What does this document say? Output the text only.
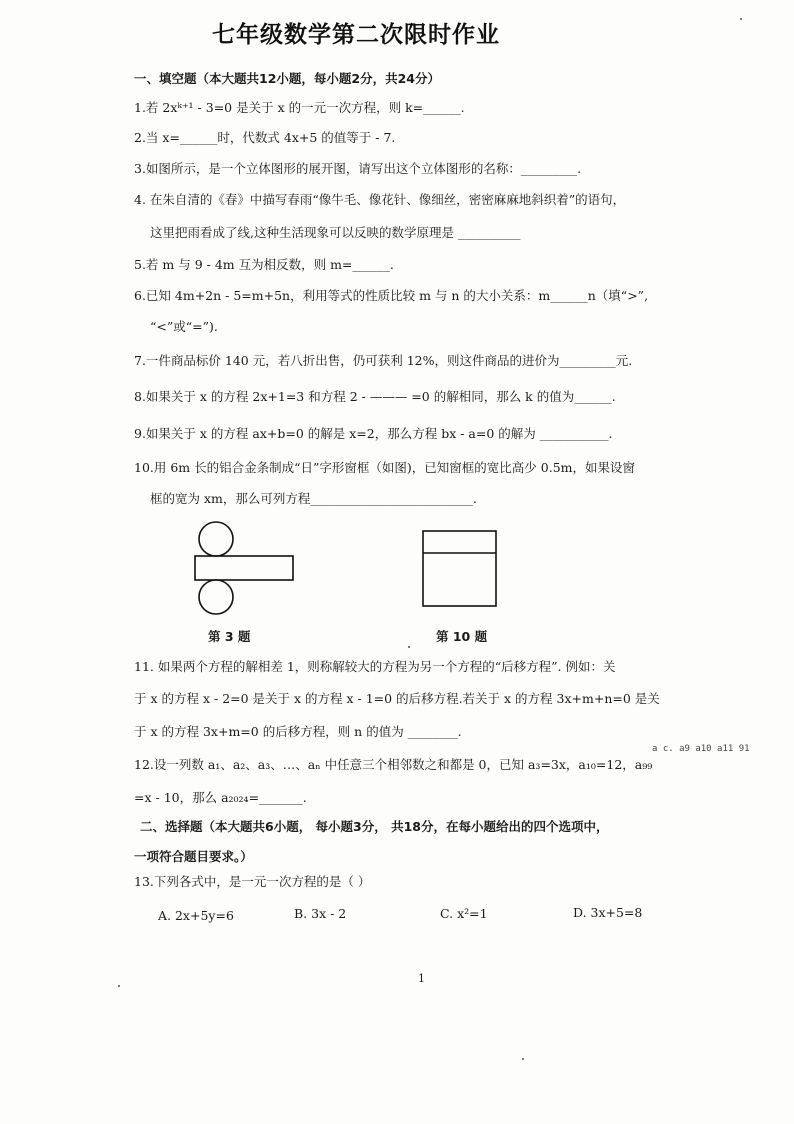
七年级数学第二次限时作业
一、填空题（本大题共12小题，每小题2分，共24分）
1.若 2xᵏ⁺¹ - 3=0 是关于 x 的一元一次方程，则 k=______.
2.当 x=______时，代数式 4x+5 的值等于 - 7.
3.如图所示，是一个立体图形的展开图，请写出这个立体图形的名称：_________.
4. 在朱自清的《春》中描写春雨“像牛毛、像花针、像细丝，密密麻麻地斜织着”的语句，
这里把雨看成了线,这种生活现象可以反映的数学原理是 __________
5.若 m 与 9 - 4m 互为相反数，则 m=______.
6.已知 4m+2n - 5=m+5n，利用等式的性质比较 m 与 n 的大小关系：m______n（填“>”,
“<”或“=”).
7.一件商品标价 140 元，若八折出售，仍可获利 12%，则这件商品的进价为_________元.
8.如果关于 x 的方程 2x+1=3 和方程 2 - ——— =0 的解相同，那么 k 的值为______.
9.如果关于 x 的方程 ax+b=0 的解是 x=2，那么方程 bx - a=0 的解为 ___________.
10.用 6m 长的铝合金条制成“日”字形窗框（如图)，已知窗框的宽比高少 0.5m，如果设窗
框的宽为 xm，那么可列方程__________________________.
第 3 题	第 10 题
11. 如果两个方程的解相差 1，则称解较大的方程为另一个方程的“后移方程”. 例如：关
于 x 的方程 x - 2=0 是关于 x 的方程 x - 1=0 的后移方程.若关于 x 的方程 3x+m+n=0 是关
于 x 的方程 3x+m=0 的后移方程，则 n 的值为 ________.
12.设一列数 a₁、a₂、a₃、…、aₙ 中任意三个相邻数之和都是 0，已知 a₃=3x，a₁₀=12，a₉₉
=x - 10，那么 a₂₀₂₄=_______.
二、选择题（本大题共6小题， 每小题3分， 共18分，在每小题给出的四个选项中，
一项符合题目要求。）
13.下列各式中，是一元一次方程的是（ ）
A. 2x+5y=6	B. 3x - 2	C. x²=1	D. 3x+5=8
a c. a9 a10 a11 91
1
